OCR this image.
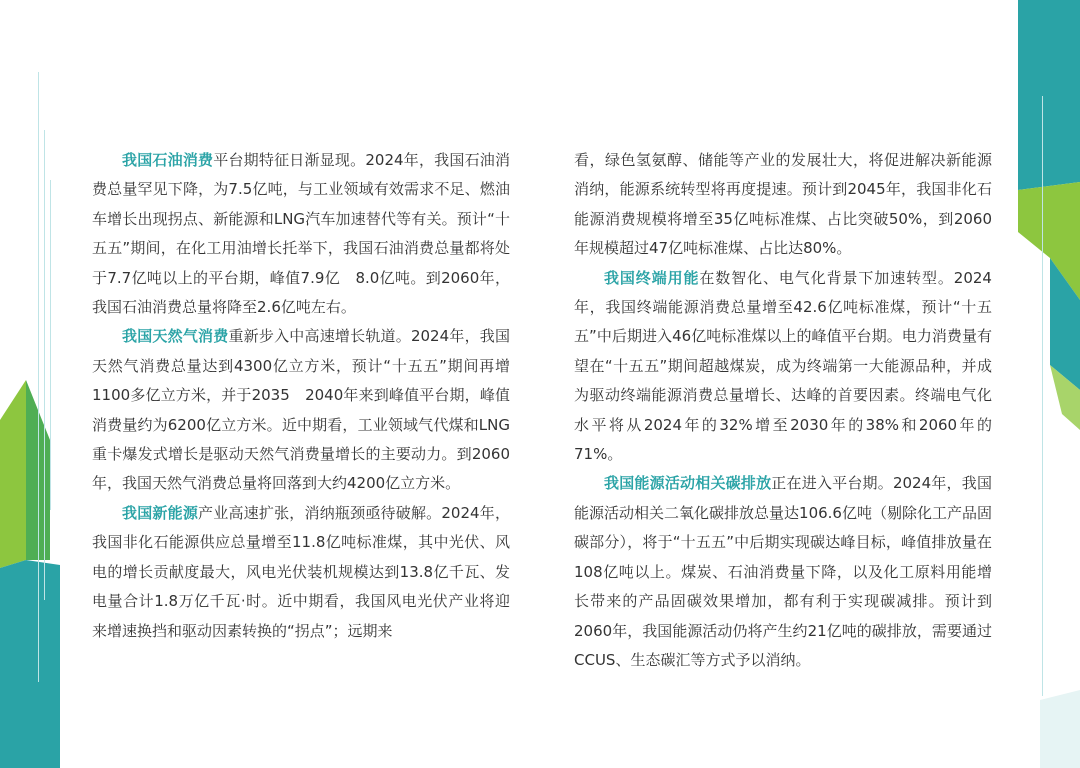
我国石油消费平台期特征日渐显现。2024年，我国石油消费总量罕见下降，为7.5亿吨，与工业领域有效需求不足、燃油车增长出现拐点、新能源和LNG汽车加速替代等有关。预计“十五五”期间，在化工用油增长托举下，我国石油消费总量都将处于7.7亿吨以上的平台期，峰值7.9亿　8.0亿吨。到2060年，我国石油消费总量将降至2.6亿吨左右。

我国天然气消费重新步入中高速增长轨道。2024年，我国天然气消费总量达到4300亿立方米，预计“十五五”期间再增1100多亿立方米，并于2035　2040年来到峰值平台期，峰值消费量约为6200亿立方米。近中期看，工业领域气代煤和LNG重卡爆发式增长是驱动天然气消费量增长的主要动力。到2060年，我国天然气消费总量将回落到大约4200亿立方米。

我国新能源产业高速扩张，消纳瓶颈亟待破解。2024年，我国非化石能源供应总量增至11.8亿吨标准煤，其中光伏、风电的增长贡献度最大，风电光伏装机规模达到13.8亿千瓦、发电量合计1.8万亿千瓦·时。近中期看，我国风电光伏产业将迎来增速换挡和驱动因素转换的“拐点”；远期来

看，绿色氢氨醇、储能等产业的发展壮大，将促进解决新能源消纳，能源系统转型将再度提速。预计到2045年，我国非化石能源消费规模将增至35亿吨标准煤、占比突破50%，到2060年规模超过47亿吨标准煤、占比达80%。

我国终端用能在数智化、电气化背景下加速转型。2024年，我国终端能源消费总量增至42.6亿吨标准煤，预计“十五五”中后期进入46亿吨标准煤以上的峰值平台期。电力消费量有望在“十五五”期间超越煤炭，成为终端第一大能源品种，并成为驱动终端能源消费总量增长、达峰的首要因素。终端电气化水平将从2024年的32%增至2030年的38%和2060年的71%。

我国能源活动相关碳排放正在进入平台期。2024年，我国能源活动相关二氧化碳排放总量达106.6亿吨（剔除化工产品固碳部分），将于“十五五”中后期实现碳达峰目标，峰值排放量在108亿吨以上。煤炭、石油消费量下降，以及化工原料用能增长带来的产品固碳效果增加，都有利于实现碳减排。预计到2060年，我国能源活动仍将产生约21亿吨的碳排放，需要通过CCUS、生态碳汇等方式予以消纳。
